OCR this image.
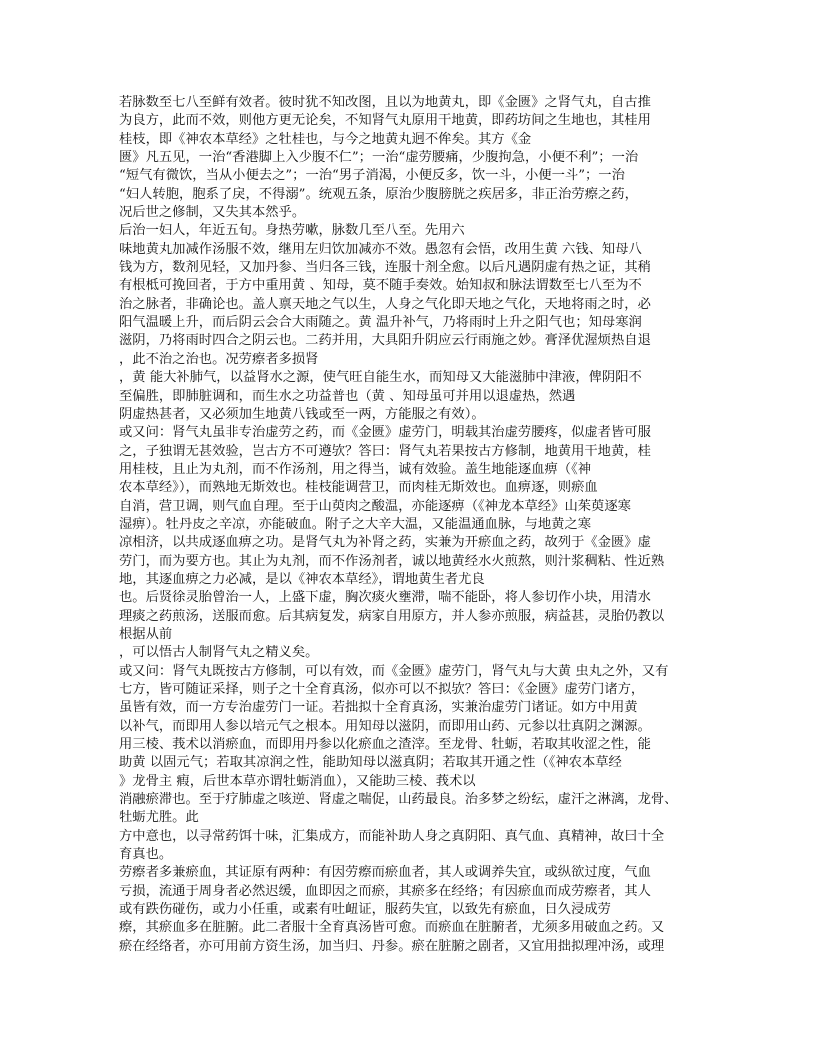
若脉数至七八至鲜有效者。彼时犹不知改图，且以为地黄丸，即《金匮》之肾气丸，自古推
为良方，此而不效，则他方更无论矣，不知肾气丸原用干地黄，即药坊间之生地也，其桂用
桂枝，即《神农本草经》之牡桂也，与今之地黄丸迥不侔矣。其方《金
匮》凡五见，一治“香港脚上入少腹不仁”；一治“虚劳腰痛，少腹拘急，小便不利”；一治
“短气有微饮，当从小便去之”；一治“男子消渴，小便反多，饮一斗，小便一斗”；一治
“妇人转胞，胞系了戾，不得溺”。统观五条，原治少腹膀胱之疾居多，非正治劳瘵之药，
况后世之修制，又失其本然乎。
后治一妇人，年近五旬。身热劳嗽，脉数几至八至。先用六
味地黄丸加减作汤服不效，继用左归饮加减亦不效。愚忽有会悟，改用生黄 六钱、知母八
钱为方，数剂见轻，又加丹参、当归各三钱，连服十剂全愈。以后凡遇阴虚有热之证，其稍
有根柢可挽回者，于方中重用黄 、知母，莫不随手奏效。始知叔和脉法谓数至七八至为不
治之脉者，非确论也。盖人禀天地之气以生，人身之气化即天地之气化，天地将雨之时，必
阳气温暖上升，而后阴云会合大雨随之。黄 温升补气，乃将雨时上升之阳气也；知母寒润
滋阴，乃将雨时四合之阴云也。二药并用，大具阳升阴应云行雨施之妙。膏泽优渥烦热自退
，此不治之治也。况劳瘵者多损肾
，黄 能大补肺气，以益肾水之源，使气旺自能生水，而知母又大能滋肺中津液，俾阴阳不
至偏胜，即肺脏调和，而生水之功益普也（黄 、知母虽可并用以退虚热，然遇
阴虚热甚者，又必须加生地黄八钱或至一两，方能服之有效）。
或又问：肾气丸虽非专治虚劳之药，而《金匮》虚劳门，明载其治虚劳腰疼，似虚者皆可服
之，子独谓无甚效验，岂古方不可遵欤？答曰：肾气丸若果按古方修制，地黄用干地黄，桂
用桂枝，且止为丸剂，而不作汤剂，用之得当，诚有效验。盖生地能逐血痹（《神
农本草经》），而熟地无斯效也。桂枝能调营卫，而肉桂无斯效也。血痹逐，则瘀血
自消，营卫调，则气血自理。至于山萸肉之酸温，亦能逐痹（《神龙本草经》山茱萸逐寒
湿痹）。牡丹皮之辛凉，亦能破血。附子之大辛大温，又能温通血脉，与地黄之寒
凉相济，以共成逐血痹之功。是肾气丸为补肾之药，实兼为开瘀血之药，故列于《金匮》虚
劳门，而为要方也。其止为丸剂，而不作汤剂者，诚以地黄经水火煎熬，则汁浆稠粘、性近熟
地，其逐血痹之力必减，是以《神农本草经》，谓地黄生者尤良
也。后贤徐灵胎曾治一人，上盛下虚，胸次痰火壅滞，喘不能卧，将人参切作小块，用清水
理痰之药煎汤，送服而愈。后其病复发，病家自用原方，并人参亦煎服，病益甚，灵胎仍教以
根据从前
，可以悟古人制肾气丸之精义矣。
或又问：肾气丸既按古方修制，可以有效，而《金匮》虚劳门，肾气丸与大黄 虫丸之外，又有
七方，皆可随证采择，则子之十全育真汤，似亦可以不拟欤？答曰：《金匮》虚劳门诸方，
虽皆有效，而一方专治虚劳门一证。若拙拟十全育真汤，实兼治虚劳门诸证。如方中用黄
以补气，而即用人参以培元气之根本。用知母以滋阴，而即用山药、元参以壮真阴之渊源。
用三棱、莪术以消瘀血，而即用丹参以化瘀血之渣滓。至龙骨、牡蛎，若取其收涩之性，能
助黄 以固元气；若取其凉润之性，能助知母以滋真阴；若取其开通之性（《神农本草经
》龙骨主 瘕，后世本草亦谓牡蛎消血），又能助三棱、莪术以
消融瘀滞也。至于疗肺虚之咳逆、肾虚之喘促，山药最良。治多梦之纷纭，虚汗之淋漓，龙骨、
牡蛎尤胜。此
方中意也，以寻常药饵十味，汇集成方，而能补助人身之真阴阳、真气血、真精神，故曰十全
育真也。
劳瘵者多兼瘀血，其证原有两种：有因劳瘵而瘀血者，其人或调养失宜，或纵欲过度，气血
亏损，流通于周身者必然迟缓，血即因之而瘀，其瘀多在经络；有因瘀血而成劳瘵者，其人
或有跌伤碰伤，或力小任重，或素有吐衄证，服药失宜，以致先有瘀血，日久浸成劳
瘵，其瘀血多在脏腑。此二者服十全育真汤皆可愈。而瘀血在脏腑者，尤须多用破血之药。又
瘀在经络者，亦可用前方资生汤，加当归、丹参。瘀在脏腑之剧者，又宜用拙拟理冲汤，或理
